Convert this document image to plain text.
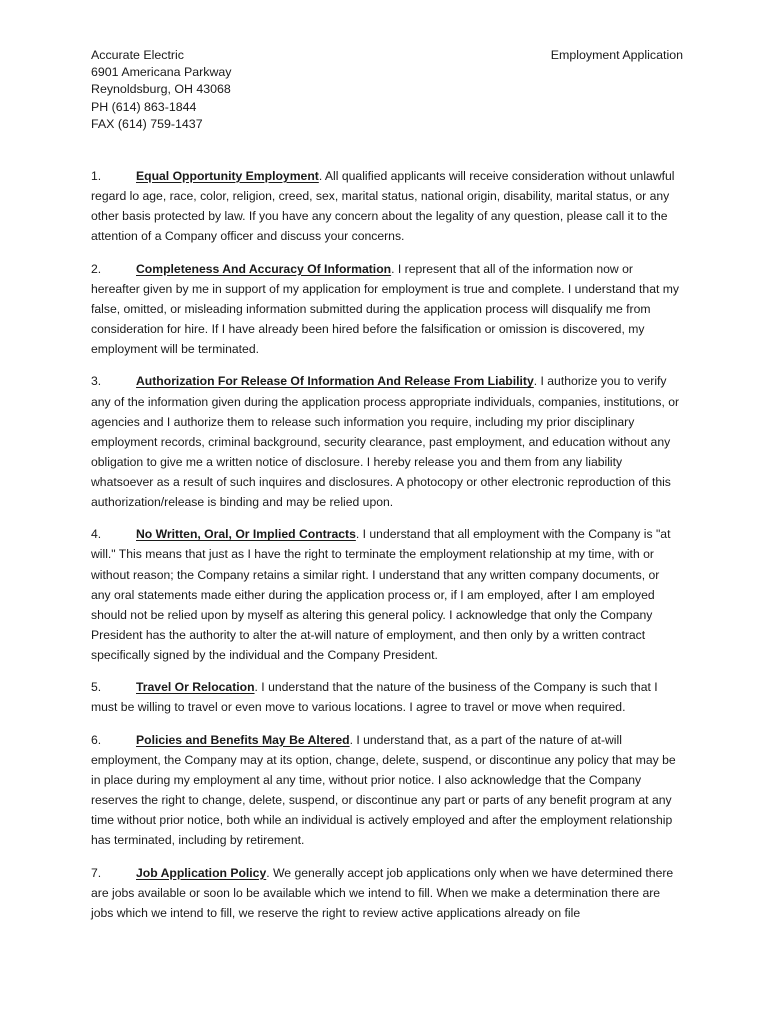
Accurate Electric
6901 Americana Parkway
Reynoldsburg, OH 43068
PH (614) 863-1844
FAX (614) 759-1437
Employment Application
1.	Equal Opportunity Employment. All qualified applicants will receive consideration without unlawful regard lo age, race, color, religion, creed, sex, marital status, national origin, disability, marital status, or any other basis protected by law. If you have any concern about the legality of any question, please call it to the attention of a Company officer and discuss your concerns.
2.	Completeness And Accuracy Of Information. I represent that all of the information now or hereafter given by me in support of my application for employment is true and complete. I understand that my false, omitted, or misleading information submitted during the application process will disqualify me from consideration for hire. If I have already been hired before the falsification or omission is discovered, my employment will be terminated.
3.	Authorization For Release Of Information And Release From Liability. I authorize you to verify any of the information given during the application process appropriate individuals, companies, institutions, or agencies and I authorize them to release such information you require, including my prior disciplinary employment records, criminal background, security clearance, past employment, and education without any obligation to give me a written notice of disclosure. I hereby release you and them from any liability whatsoever as a result of such inquires and disclosures. A photocopy or other electronic reproduction of this authorization/release is binding and may be relied upon.
4.	No Written, Oral, Or Implied Contracts. I understand that all employment with the Company is "at will." This means that just as I have the right to terminate the employment relationship at my time, with or without reason; the Company retains a similar right. I understand that any written company documents, or any oral statements made either during the application process or, if I am employed, after I am employed should not be relied upon by myself as altering this general policy. I acknowledge that only the Company President has the authority to alter the at-will nature of employment, and then only by a written contract specifically signed by the individual and the Company President.
5.	Travel Or Relocation. I understand that the nature of the business of the Company is such that I must be willing to travel or even move to various locations. I agree to travel or move when required.
6.	Policies and Benefits May Be Altered. I understand that, as a part of the nature of at-will employment, the Company may at its option, change, delete, suspend, or discontinue any policy that may be in place during my employment al any time, without prior notice. I also acknowledge that the Company reserves the right to change, delete, suspend, or discontinue any part or parts of any benefit program at any time without prior notice, both while an individual is actively employed and after the employment relationship has terminated, including by retirement.
7.	Job Application Policy. We generally accept job applications only when we have determined there are jobs available or soon lo be available which we intend to fill. When we make a determination there are jobs which we intend to fill, we reserve the right to review active applications already on file
